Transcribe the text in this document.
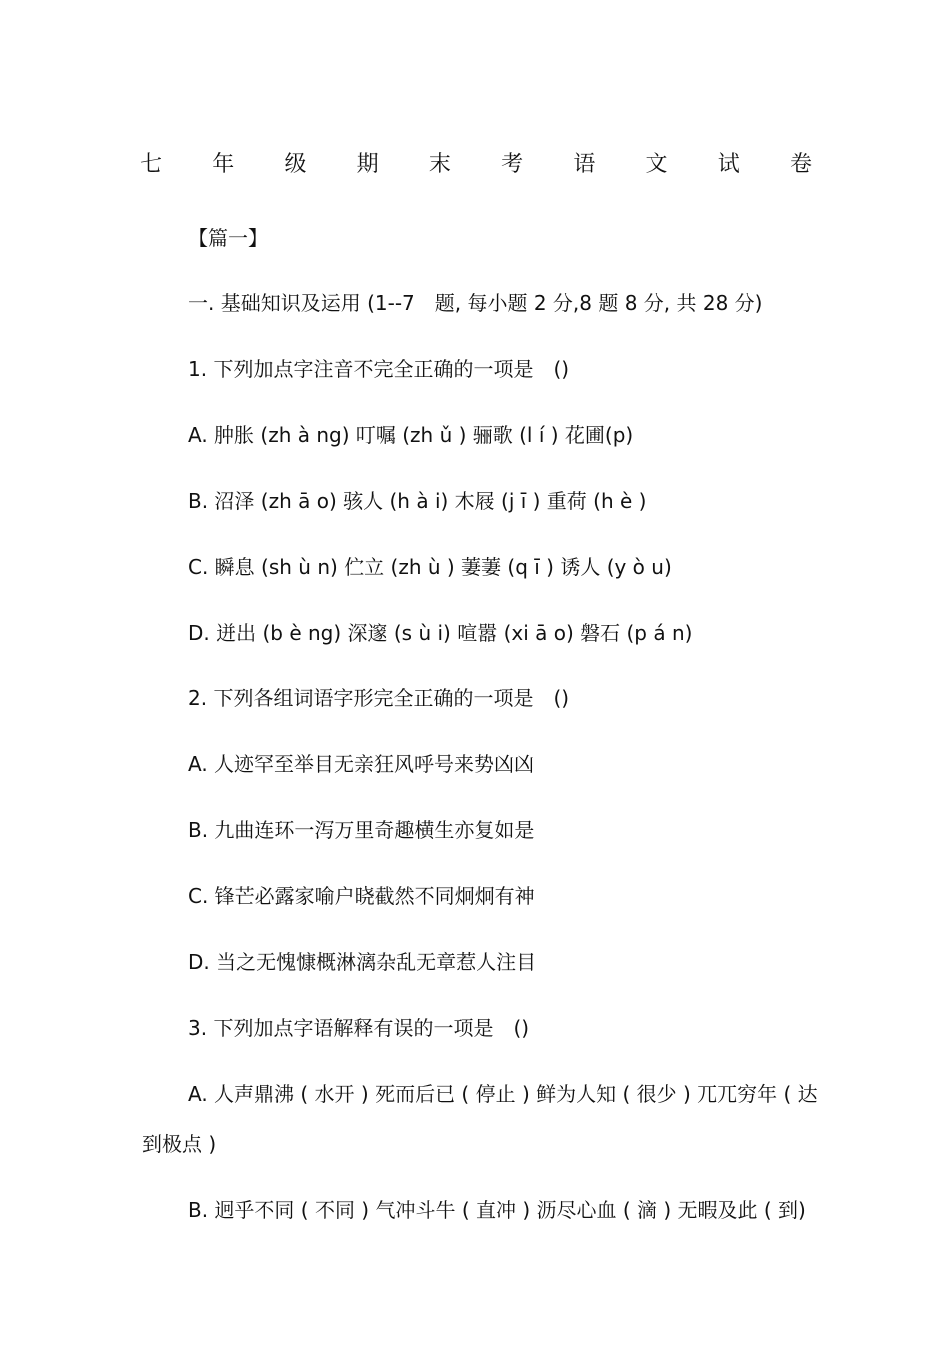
七 年 级 期 末 考 语 文 试 卷
【篇一】
一. 基础知识及运用 (1--7　题, 每小题 2 分,8 题 8 分, 共 28 分)
1. 下列加点字注音不完全正确的一项是　()
A. 肿胀 (zh à ng) 叮嘱 (zh ǔ ) 骊歌 (l í ) 花圃(p)
B. 沼泽 (zh ā o) 骇人 (h à i) 木屐 (j ī ) 重荷 (h è )
C. 瞬息 (sh ù n) 伫立 (zh ù ) 萋萋 (q ī ) 诱人 (y ò u)
D. 迸出 (b è ng) 深邃 (s ù i) 喧嚣 (xi ā o) 磐石 (p á n)
2. 下列各组词语字形完全正确的一项是　()
A. 人迹罕至举目无亲狂风呼号来势凶凶
B. 九曲连环一泻万里奇趣横生亦复如是
C. 锋芒必露家喻户晓截然不同炯炯有神
D. 当之无愧慷概淋漓杂乱无章惹人注目
3. 下列加点字语解释有误的一项是　()
A. 人声鼎沸 ( 水开 ) 死而后已 ( 停止 ) 鲜为人知 ( 很少 ) 兀兀穷年 ( 达
到极点 )
B. 迥乎不同 ( 不同 ) 气冲斗牛 ( 直冲 ) 沥尽心血 ( 滴 ) 无暇及此 ( 到)
